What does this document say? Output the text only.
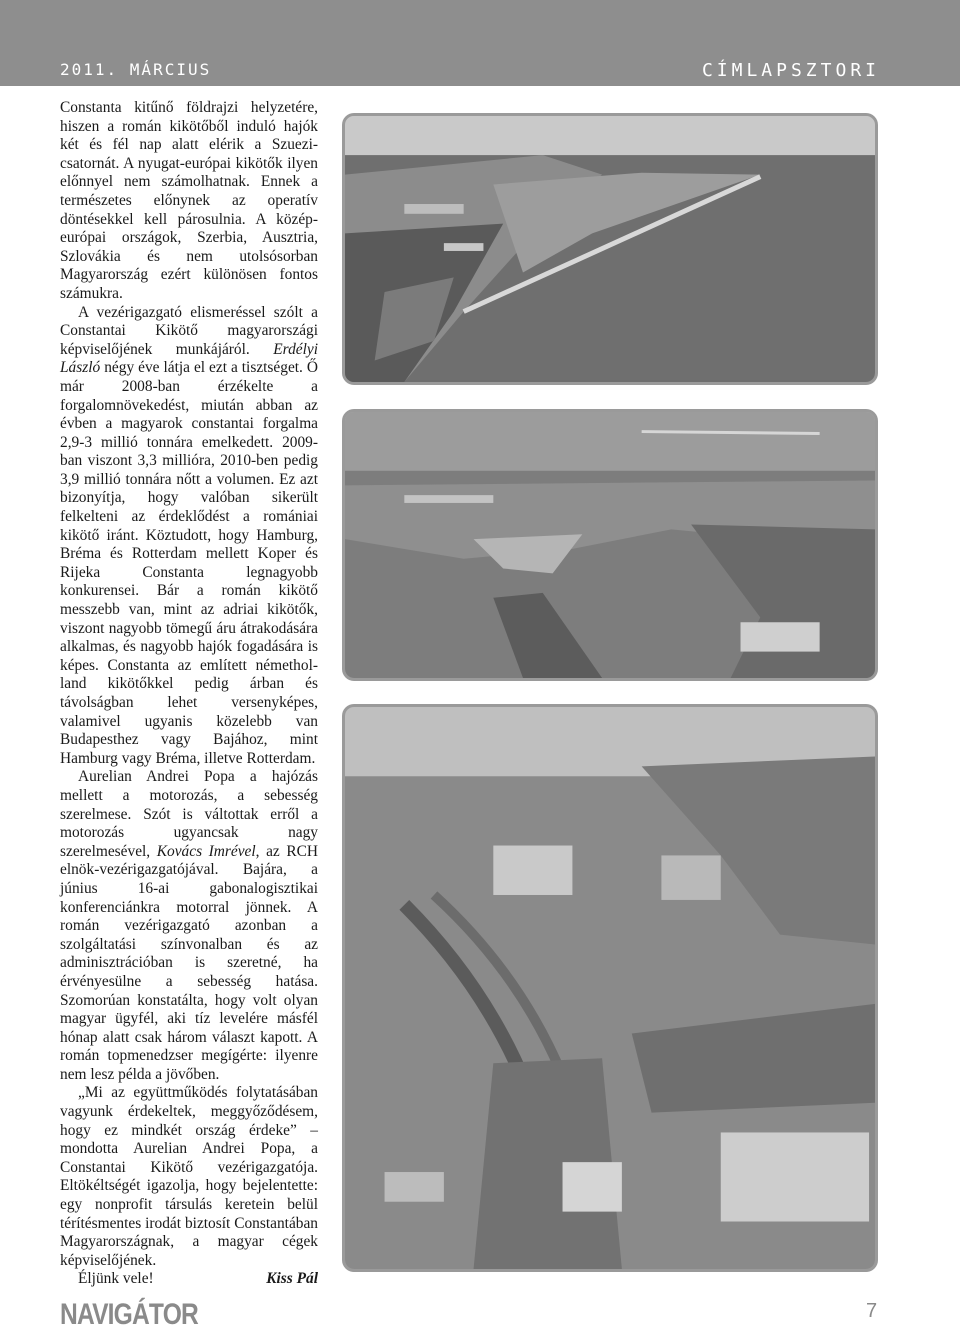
2011. MÁRCIUS	CÍMLAPSZTORI

Constanta kitűnő földrajzi helyzetére, hiszen a román kikötőből induló hajók két és fél nap alatt elérik a Szuezi-csatornát. A nyugat-európai kikötők ilyen előnnyel nem számolhatnak. Ennek a természetes előnynek az operatív döntésekkel kell párosulnia. A közép-európai országok, Szerbia, Ausztria, Szlovákia és nem utolsósorban Magyarország ezért különösen fontos számukra.

A vezérigazgató elismeréssel szólt a Constantai Kikötő magyarországi képviselőjének munkájáról. Erdélyi László négy éve látja el ezt a tisztséget. Ő már 2008-ban érzékelte a forgalomnövekedést, miután abban az évben a magyarok constantai forgalma 2,9-3 millió tonnára emelkedett. 2009-ban viszont 3,3 millióra, 2010-ben pedig 3,9 millió tonnára nőtt a volumen. Ez azt bizonyítja, hogy valóban sikerült felkelteni az érdeklődést a romániai kikötő iránt. Köztudott, hogy Hamburg, Bréma és Rotterdam mellett Koper és Rijeka Constanta legnagyobb konkurensei. Bár a román kikötő messzebb van, mint az adriai kikötők, viszont nagyobb tömegű áru átrakodására alkalmas, és nagyobb hajók fogadására is képes. Constanta az említett németholland kikötőkkel pedig árban és távolságban lehet versenyképes, valamivel ugyanis közelebb van Budapesthez vagy Bajához, mint Hamburg vagy Bréma, illetve Rotterdam.

Aurelian Andrei Popa a hajózás mellett a motorozás, a sebesség szerelmese. Szót is váltottak erről a motorozás ugyancsak nagy szerelmesével, Kovács Imrével, az RCH elnök-vezérigazgatójával. Bajára, a június 16-ai gabonalogisztikai konferenciánkra motorral jönnek. A román vezérigazgató azonban a szolgáltatási színvonalban és az adminisztrációban is szeretné, ha érvényesülne a sebesség hatása. Szomorúan konstatálta, hogy volt olyan magyar ügyfél, aki tíz levelére másfél hónap alatt csak három választ kapott. A román topmenedzser megígérte: ilyenre nem lesz példa a jövőben.

„Mi az együttműködés folytatásában vagyunk érdekeltek, meggyőződésem, hogy ez mindkét ország érdeke” – mondotta Aurelian Andrei Popa, a Constantai Kikötő vezérigazgatója. Eltökéltségét igazolja, hogy bejelentette: egy nonprofit társulás keretein belül térítésmentes irodát biztosít Constantában Magyarországnak, a magyar cégek képviselőjének.

Éljünk vele!	Kiss Pál
NAVIGÁTOR	7
